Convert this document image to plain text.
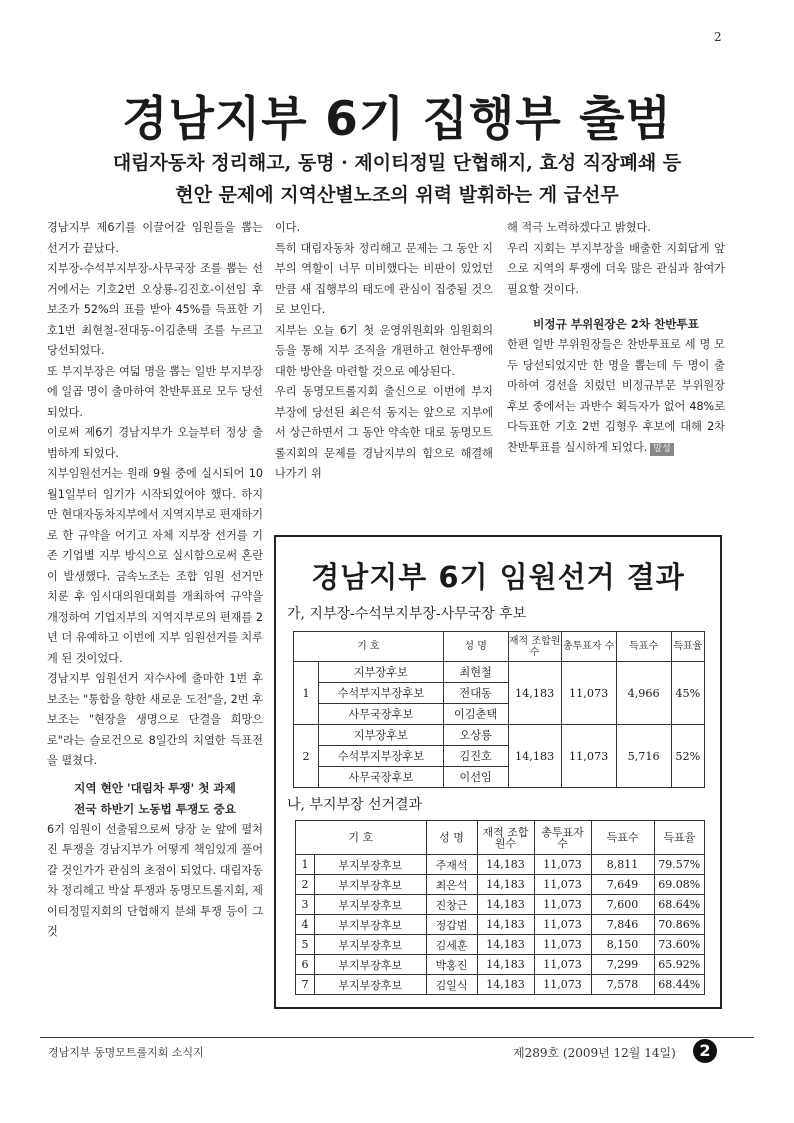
2
경남지부 6기 집행부 출범
대림자동차 정리해고, 동명 · 제이티정밀 단협해지, 효성 직장폐쇄 등
현안 문제에 지역산별노조의 위력 발휘하는 게 급선무

경남지부 제6기를 이끌어갈 임원들을 뽑는 선거가 끝났다.

지부장-수석부지부장-사무국장 조를 뽑는 선거에서는 기호2번 오상룡-김진호-이선임 후보조가 52%의 표를 받아 45%를 득표한 기호1번 최현철-전대동-이김춘택 조를 누르고 당선되었다.

또 부지부장은 여덟 명을 뽑는 일반 부지부장에 일곱 명이 출마하여 찬반투표로 모두 당선되었다.

이로써 제6기 경남지부가 오늘부터 정상 출범하게 되었다.

지부임원선거는 원래 9월 중에 실시되어 10월1일부터 임기가 시작되었어야 했다. 하지만 현대자동차지부에서 지역지부로 편재하기로 한 규약을 어기고 자체 지부장 선거를 기존 기업별 지부 방식으로 실시함으로써 혼란이 발생했다. 금속노조는 조합 임원 선거만 치룬 후 임시대의원대회를 개최하여 규약을 개정하여 기업지부의 지역지부로의 편재를 2년 더 유예하고 이번에 지부 임원선거를 치루게 된 것이었다.

경남지부 임원선거 지수사에 출마한 1번 후보조는 "통합을 향한 새로운 도전"을, 2번 후보조는 "현장을 생명으로 단결을 희망으로"라는 슬로건으로 8일간의 치열한 득표전을 펼쳤다.

지역 현안 '대림차 투쟁' 첫 과제
전국 하반기 노동법 투쟁도 중요

6기 임원이 선출됨으로써 당장 눈 앞에 펼쳐진 투쟁을 경남지부가 어떻게 책임있게 풀어갈 것인가가 관심의 초점이 되었다. 대림자동차 정리해고 박살 투쟁과 동명모트롤지회, 제이티정밀지회의 단협해지 분쇄 투쟁 등이 그것

이다.

특히 대림자동차 정리해고 문제는 그 동안 지부의 역할이 너무 미비했다는 비판이 있었던 만큼 새 집행부의 태도에 관심이 집중될 것으로 보인다.

지부는 오늘 6기 첫 운영위원회와 임원회의 등을 통해 지부 조직을 개편하고 현안투쟁에 대한 방안을 마련할 것으로 예상된다.

우리 동명모트롤지회 출신으로 이번에 부지부장에 당선된 최은석 동지는 앞으로 지부에서 상근하면서 그 동안 약속한 대로 동명모트롤지회의 문제를 경남지부의 힘으로 해결해 나가기 위

해 적극 노력하겠다고 밝혔다.

우리 지회는 부지부장을 배출한 지회답게 앞으로 지역의 투쟁에 더욱 많은 관심과 참여가 필요할 것이다.

비정규 부위원장은 2차 찬반투표

한편 일반 부위원장들은 찬반투표로 세 명 모두 당선되었지만 한 명을 뽑는데 두 명이 출마하여 경선을 치렀던 비정규부문 부위원장 후보 중에서는 과반수 획득자가 없어 48%로 다득표한 기호 2번 김형우 후보에 대해 2차 찬반투표를 실시하게 되었다. 말성

경남지부 6기 임원선거 결과
가, 지부장-수석부지부장-사무국장 후보
기 호		성 명	재적 조합원수	총투표자 수	득표수	득표율
1	지부장후보	최현철	14,183	11,073	4,966	45%
	수석부지부장후보	전대동				
	사무국장후보	이김춘택				
2	지부장후보	오상룡	14,183	11,073	5,716	52%
	수석부지부장후보	김진호				
	사무국장후보	이선임				
나, 부지부장 선거결과
기 호		성 명	재적 조합원수	총투표자 수	득표수	득표율
1	부지부장후보	주재석	14,183	11,073	8,811	79.57%
2	부지부장후보	최은석	14,183	11,073	7,649	69.08%
3	부지부장후보	진창근	14,183	11,073	7,600	68.64%
4	부지부장후보	정갑범	14,183	11,073	7,846	70.86%
5	부지부장후보	김세훈	14,183	11,073	8,150	73.60%
6	부지부장후보	박홍진	14,183	11,073	7,299	65.92%
7	부지부장후보	김일식	14,183	11,073	7,578	68.44%
경남지부 동명모트롤지회 소식지	제289호 (2009년 12월 14일)	2
